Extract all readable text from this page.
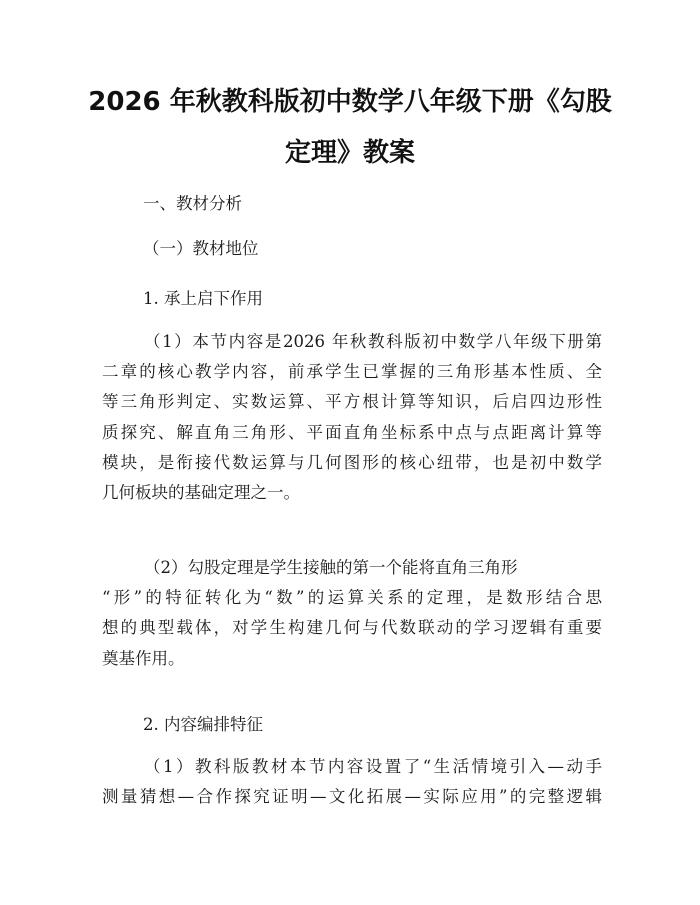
2026 年秋教科版初中数学八年级下册《勾股
定理》教案
一、教材分析
（一）教材地位
1. 承上启下作用
（1）本节内容是2026 年秋教科版初中数学八年级下册第
二章的核心教学内容，前承学生已掌握的三角形基本性质、全
等三角形判定、实数运算、平方根计算等知识，后启四边形性
质探究、解直角三角形、平面直角坐标系中点与点距离计算等
模块，是衔接代数运算与几何图形的核心纽带，也是初中数学
几何板块的基础定理之一。
（2）勾股定理是学生接触的第一个能将直角三角形
“形”的特征转化为“数”的运算关系的定理，是数形结合思
想的典型载体，对学生构建几何与代数联动的学习逻辑有重要
奠基作用。
2. 内容编排特征
（1）教科版教材本节内容设置了“生活情境引入—动手
测量猜想—合作探究证明—文化拓展—实际应用”的完整逻辑
